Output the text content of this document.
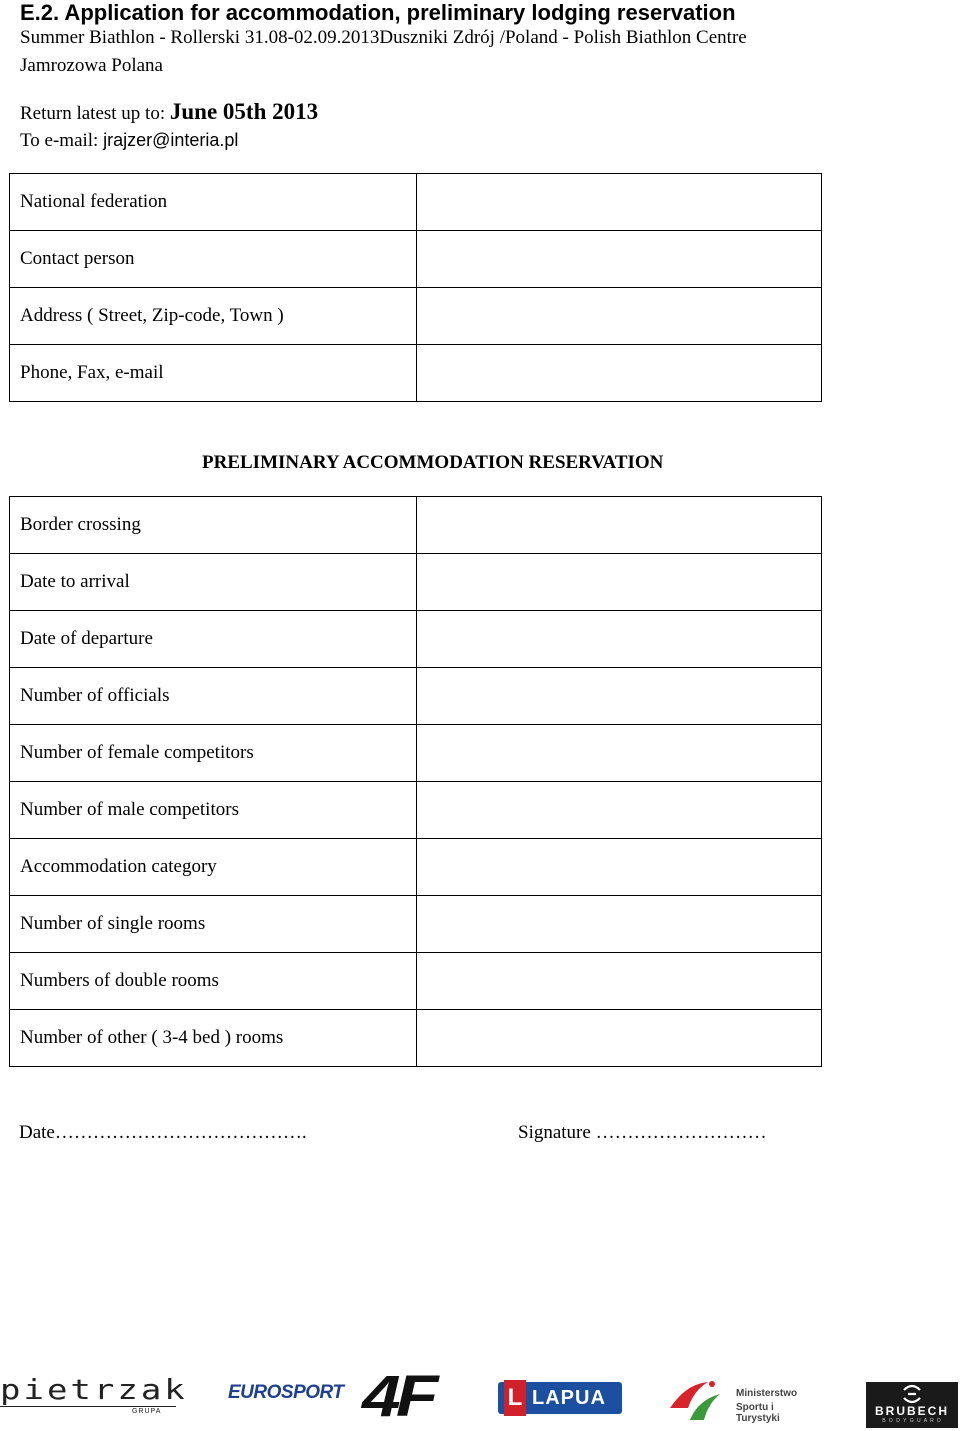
E.2. Application for accommodation, preliminary lodging reservation
Summer Biathlon - Rollerski 31.08-02.09.2013Duszniki Zdrój /Poland - Polish Biathlon Centre
Jamrozowa Polana
Return latest up to: June 05th 2013
To e-mail: jrajzer@interia.pl
National federation	
Contact person	
Address ( Street, Zip-code, Town )	
Phone, Fax, e-mail	
PRELIMINARY ACCOMMODATION RESERVATION
Border crossing	
Date to arrival	
Date of departure	
Number of officials	
Number of female competitors	
Number of male competitors	
Accommodation category	
Number of single rooms	
Numbers of double rooms	
Number of other ( 3-4 bed ) rooms	
Date………………………………….	Signature ………………………
pietrzak
GRUPA
EUROSPORT 4F	L LAPUA	Ministerstwo
Sportu i Turystyki
BRUBECH
B O D Y G U A R D
